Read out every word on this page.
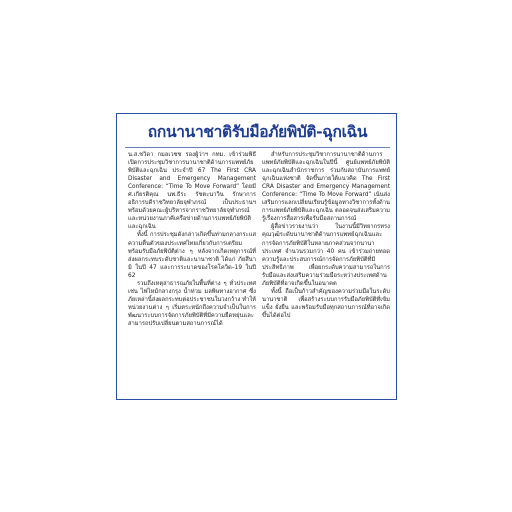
ถกนานาชาติรับมือภัยพิบัติ-ฉุกเฉิน

น.ส.ชวิดา กมลเวชช รองผู้ว่าฯ กทม. เข้าร่วมพิธีเปิดการประชุมวิชาการนานาชาติด้านการแพทย์ภัยพิบัติและฉุกเฉิน ประจำปี 67 The First CRA Disaster and Emergency Management Conference: “Time To Move Forward” โดยมี ศ.เกียรติคุณ นพ.ธีระ รัชตะนาวิน รักษาการอธิการบดีราชวิทยาลัยจุฬาภรณ์ เป็นประธานฯ พร้อมด้วยคณะผู้บริหารจากราชวิทยาลัยจุฬาภรณ์และหน่วยงานภาคีเครือข่ายด้านการแพทย์ภัยพิบัติและฉุกเฉิน

ทั้งนี้ การประชุมดังกล่าวเกิดขึ้นท่ามกลางกระแสความตื่นตัวของประเทศไทยเกี่ยวกับการเตรียมพร้อมรับมือภัยพิบัติต่าง ๆ หลังจากเกิดเหตุการณ์ที่ส่งผลกระทบระดับชาติและนานาชาติ ได้แก่ ภัยสึนามิ ในปี 47 และการระบาดของโรคโควิด–19 ในปี 62

รวมถึงเหตุสาธารณภัยในพื้นที่ต่าง ๆ ทั่วประเทศ เช่น ไฟไหม้กลางกรุง น้ำท่วม มลพิษทางอากาศ ซึ่งภัยเหล่านี้ส่งผลกระทบต่อประชาชนในวงกว้าง ทำให้หน่วยงานต่าง ๆ เริ่มตระหนักถึงความจำเป็นในการพัฒนาระบบการจัดการภัยพิบัติที่มีความยืดหยุ่นและสามารถปรับเปลี่ยนตามสถานการณ์ได้

สำหรับการประชุมวิชาการนานาชาติด้านการแพทย์ภัยพิบัติและฉุกเฉินในปีนี้ ศูนย์แพทย์ภัยพิบัติและฉุกเฉินสำนักราชการ ร่วมกับสถาบันการแพทย์ฉุกเฉินแห่งชาติ จัดขึ้นภายใต้แนวคิด The First CRA Disaster and Emergency Management Conference: “Time To Move Forward” เน้นส่งเสริมการแลกเปลี่ยนเรียนรู้ข้อมูลทางวิชาการทั้งด้านการแพทย์ภัยพิบัติและฉุกเฉิน ตลอดจนส่งเสริมความรู้เรื่องการสื่อสารเพื่อรับมือสถานการณ์

ผู้สื่อข่าวรายงานว่า ในงานนี้มีวิทยากรทรงคุณวุฒิระดับนานาชาติด้านการแพทย์ฉุกเฉินและการจัดการภัยพิบัติในหลายภาคส่วนจากนานาประเทศ จำนวนรวมกว่า 40 คน เข้าร่วมถ่ายทอดความรู้และประสบการณ์การจัดการภัยพิบัติที่มีประสิทธิภาพ เพื่อยกระดับความสามารถในการรับมือและส่งเสริมความร่วมมือระหว่างประเทศด้านภัยพิบัติที่อาจเกิดขึ้นในอนาคต

ทั้งนี้ ถือเป็นก้าวสำคัญของความร่วมมือในระดับนานาชาติ เพื่อสร้างระบบการรับมือภัยพิบัติที่เข้มแข็ง ยั่งยืน และพร้อมรับมือทุกสถานการณ์ที่อาจเกิดขึ้นได้ต่อไป
